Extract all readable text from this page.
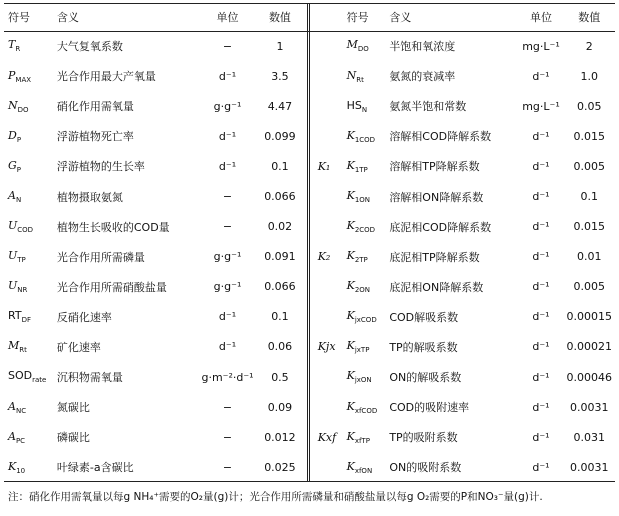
符号	含义	单位	数值			符号	含义	单位	数值
$T_R$	大气复氧系数	−	1			$M_{DO}$	半饱和氧浓度	mg·L⁻¹	2
$P_{MAX}$	光合作用最大产氧量	d⁻¹	3.5			$N_{Rt}$	氨氮的衰减率	d⁻¹	1.0
$N_{DO}$	硝化作用需氧量	g·g⁻¹	4.47			$HS_N$	氨氮半饱和常数	mg·L⁻¹	0.05
$D_P$	浮游植物死亡率	d⁻¹	0.099			$K_{1COD}$	溶解相COD降解系数	d⁻¹	0.015
$G_P$	浮游植物的生长率	d⁻¹	0.1		K₁	$K_{1TP}$	溶解相TP降解系数	d⁻¹	0.005
$A_N$	植物摄取氨氮	−	0.066			$K_{1ON}$	溶解相ON降解系数	d⁻¹	0.1
$U_{COD}$	植物生长吸收的COD量	−	0.02			$K_{2COD}$	底泥相COD降解系数	d⁻¹	0.015
$U_{TP}$	光合作用所需磷量	g·g⁻¹	0.091		K₂	$K_{2TP}$	底泥相TP降解系数	d⁻¹	0.01
$U_{NR}$	光合作用所需硝酸盐量	g·g⁻¹	0.066			$K_{2ON}$	底泥相ON降解系数	d⁻¹	0.005
$RT_{DF}$	反硝化速率	d⁻¹	0.1			$K_{jxCOD}$	COD解吸系数	d⁻¹	0.00015
$M_{Rt}$	矿化速率	d⁻¹	0.06		Kjx	$K_{jxTP}$	TP的解吸系数	d⁻¹	0.00021
$SOD_{rate}$	沉积物需氧量	g·m⁻²·d⁻¹	0.5			$K_{jxON}$	ON的解吸系数	d⁻¹	0.00046
$A_{NC}$	氮碳比	−	0.09			$K_{xfCOD}$	COD的吸附速率	d⁻¹	0.0031
$A_{PC}$	磷碳比	−	0.012		Kxf	$K_{xfTP}$	TP的吸附系数	d⁻¹	0.031
$K_{10}$	叶绿素-a含碳比	−	0.025			$K_{xfON}$	ON的吸附系数	d⁻¹	0.0031
注：硝化作用需氧量以每g NH₄⁺需要的O₂量(g)计；光合作用所需磷量和硝酸盐量以每g O₂需要的P和NO₃⁻量(g)计.
